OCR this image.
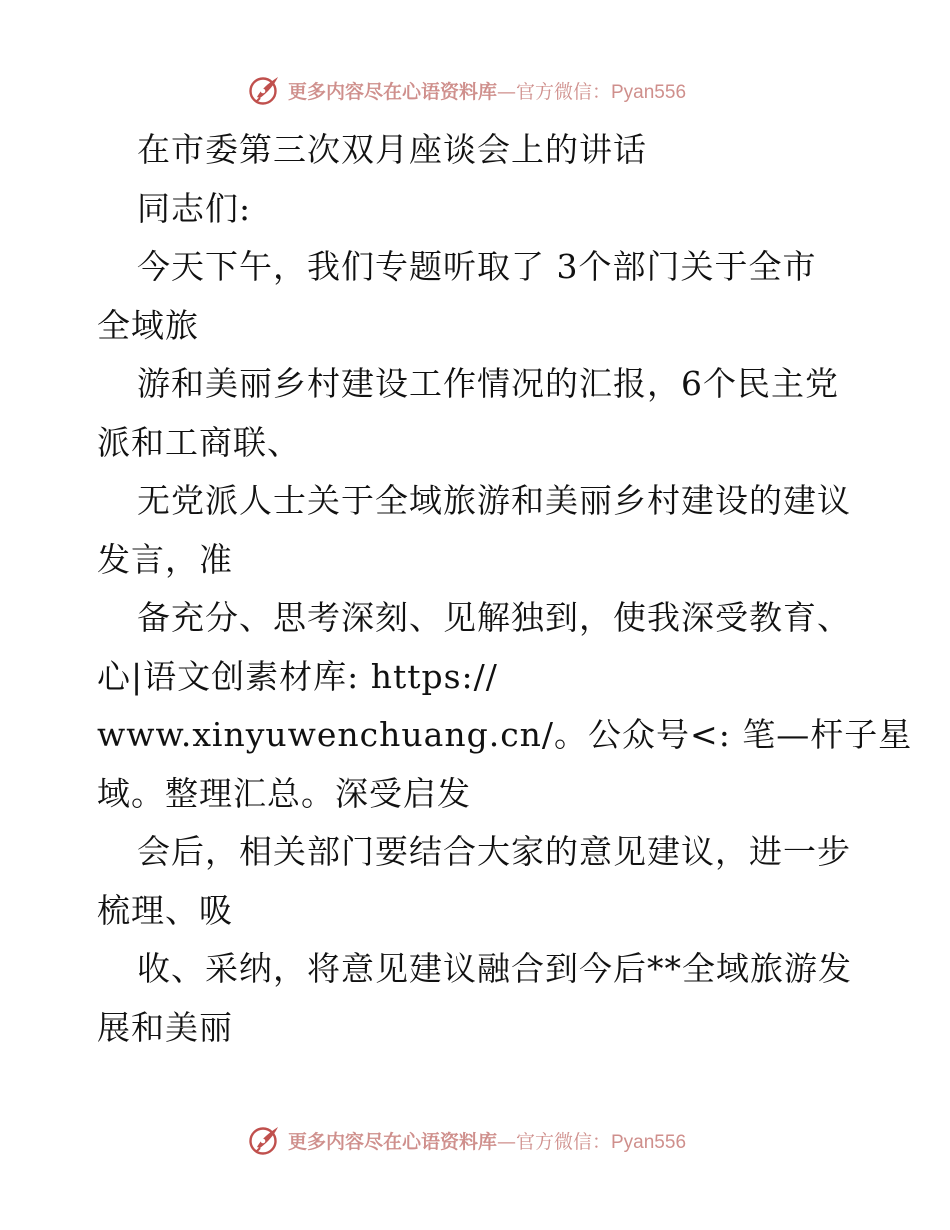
更多内容尽在心语资料库—官方微信：Pyan556
在市委第三次双月座谈会上的讲话
同志们:
今天下午，我们专题听取了 3个部门关于全市
全域旅
游和美丽乡村建设工作情况的汇报，6个民主党
派和工商联、
无党派人士关于全域旅游和美丽乡村建设的建议
发言，准
备充分、思考深刻、见解独到，使我深受教育、
心|语文创素材库: https://
www.xinyuwenchuang.cn/。公众号<: 笔—杆子星
域。整理汇总。深受启发
会后，相关部门要结合大家的意见建议，进一步
梳理、吸
收、采纳，将意见建议融合到今后**全域旅游发
展和美丽
更多内容尽在心语资料库—官方微信：Pyan556
